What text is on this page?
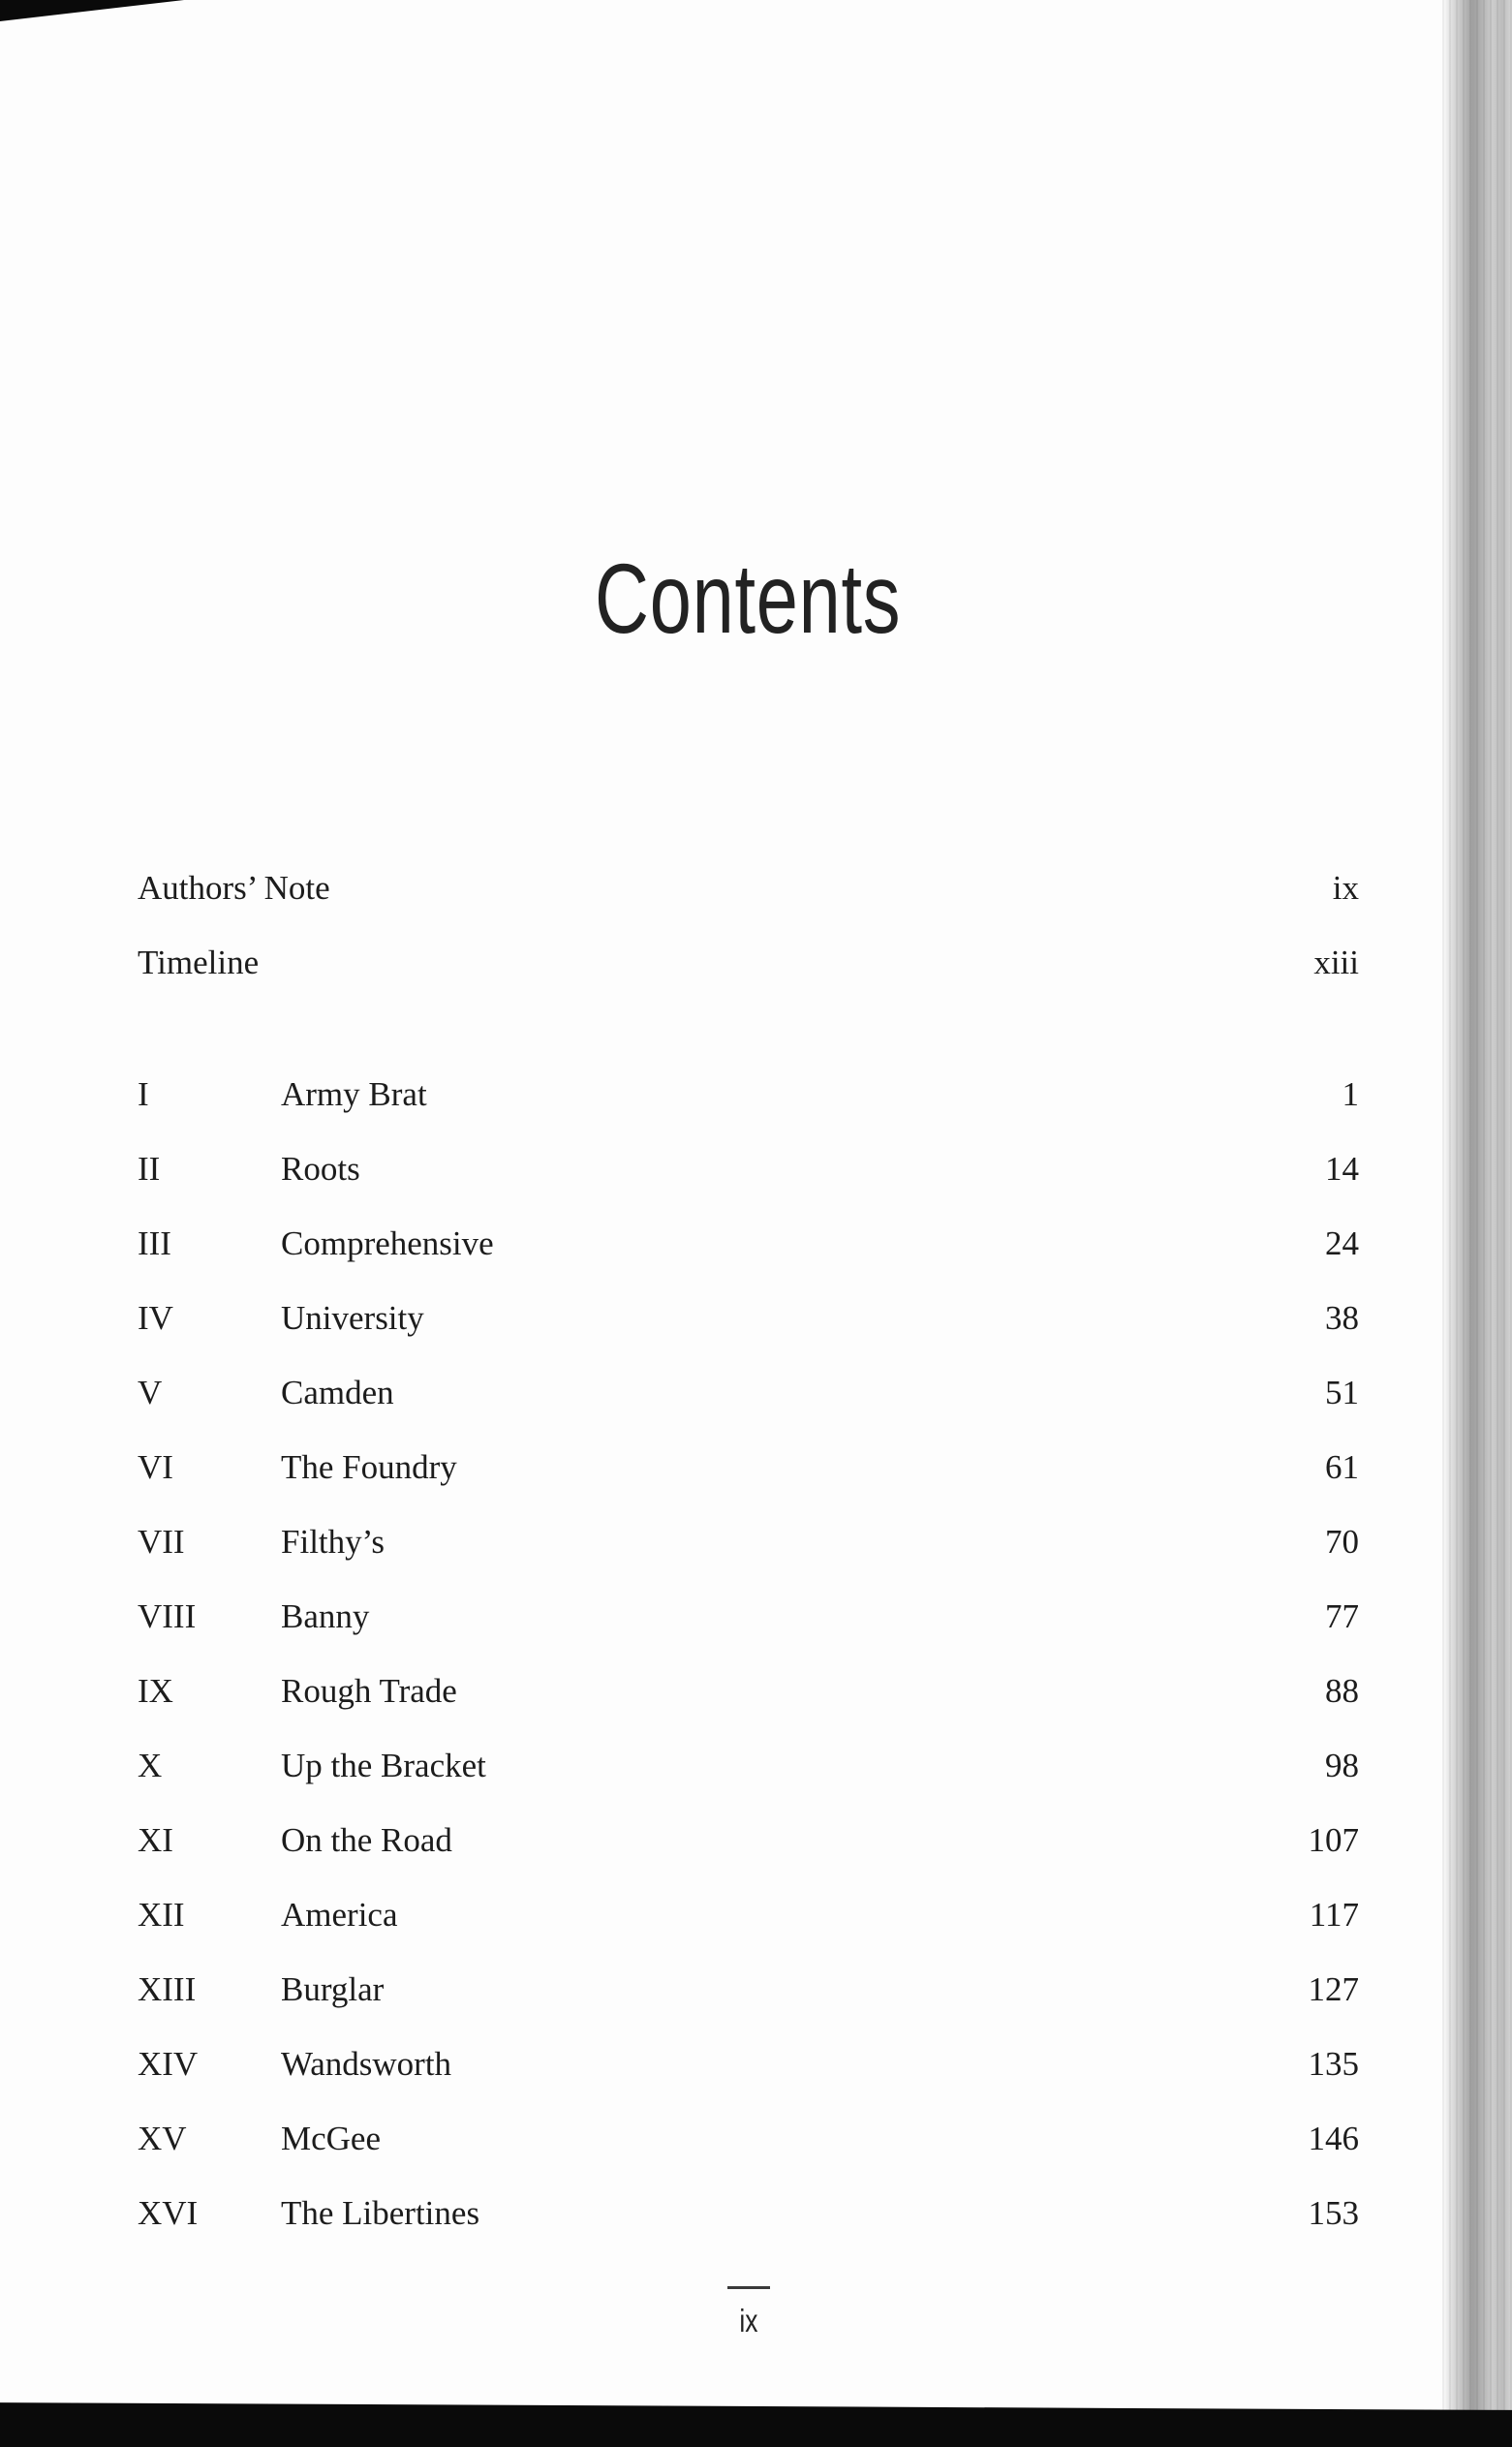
Contents
Authors’ Note	ix
Timeline	xiii
I	Army Brat	1
II	Roots	14
III	Comprehensive	24
IV	University	38
V	Camden	51
VI	The Foundry	61
VII	Filthy’s	70
VIII	Banny	77
IX	Rough Trade	88
X	Up the Bracket	98
XI	On the Road	107
XII	America	117
XIII	Burglar	127
XIV	Wandsworth	135
XV	McGee	146
XVI	The Libertines	153
ix
